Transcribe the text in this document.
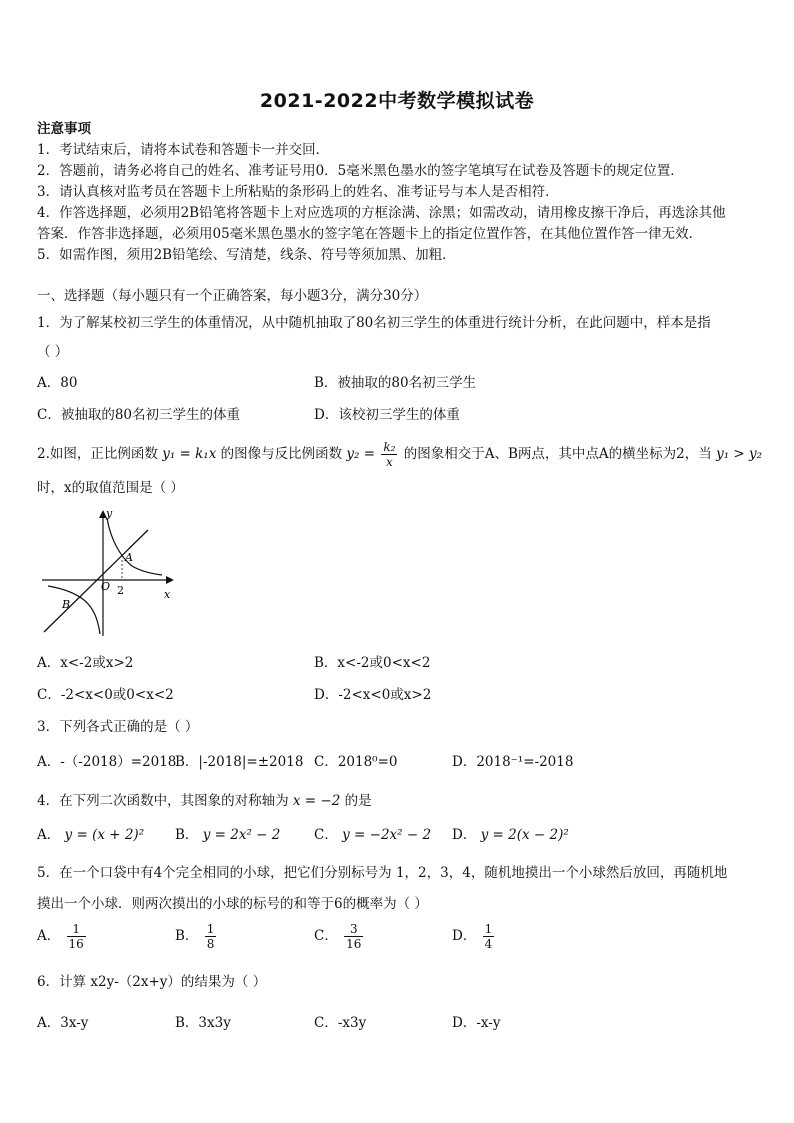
2021-2022中考数学模拟试卷
注意事项
1．考试结束后，请将本试卷和答题卡一并交回．
2．答题前，请务必将自己的姓名、准考证号用0．5毫米黑色墨水的签字笔填写在试卷及答题卡的规定位置．
3．请认真核对监考员在答题卡上所粘贴的条形码上的姓名、准考证号与本人是否相符．
4．作答选择题，必须用2B铅笔将答题卡上对应选项的方框涂满、涂黑；如需改动，请用橡皮擦干净后，再选涂其他
答案．作答非选择题，必须用05毫米黑色墨水的签字笔在答题卡上的指定位置作答，在其他位置作答一律无效．
5．如需作图，须用2B铅笔绘、写清楚，线条、符号等须加黑、加粗．
一、选择题（每小题只有一个正确答案，每小题3分，满分30分）
1．为了解某校初三学生的体重情况，从中随机抽取了80名初三学生的体重进行统计分析，在此问题中，样本是指
（ ）
A．80	B．被抽取的80名初三学生
C．被抽取的80名初三学生的体重	D．该校初三学生的体重
2.如图，正比例函数 y₁ = k₁x 的图像与反比例函数 $y_2 = \frac{\text{k₂}}{x}$ 的图象相交于A、B两点，其中点A的横坐标为2，当 y₁ > y₂
时，x的取值范围是（ ）
y
x
O 2
A
B
A．x<-2或x>2	B．x<-2或0<x<2
C．-2<x<0或0<x<2	D．-2<x<0或x>2
3．下列各式正确的是（ ）
A．-（-2018）=2018
B．|-2018|=±2018 C．2018⁰=0	D．2018⁻¹=-2018
4．在下列二次函数中，其图象的对称轴为 x = −2 的是
A． y = (x + 2)² B． y = 2x² − 2 C． y = −2x² − 2 D． y = 2(x − 2)²
5．在一个口袋中有4个完全相同的小球，把它们分别标号为 1，2，3，4，随机地摸出一个小球然后放回，再随机地
摸出一个小球．则两次摸出的小球的标号的和等于6的概率为（ ）
A． $\frac{1}{16}$	B． $\frac{1}{8}$	C． $\frac{3}{16}$	D． $\frac{1}{4}$
6．计算 x2y-（2x+y）的结果为（ ）
A．3x-y	B．3x3y	C．-x3y	D．-x-y
